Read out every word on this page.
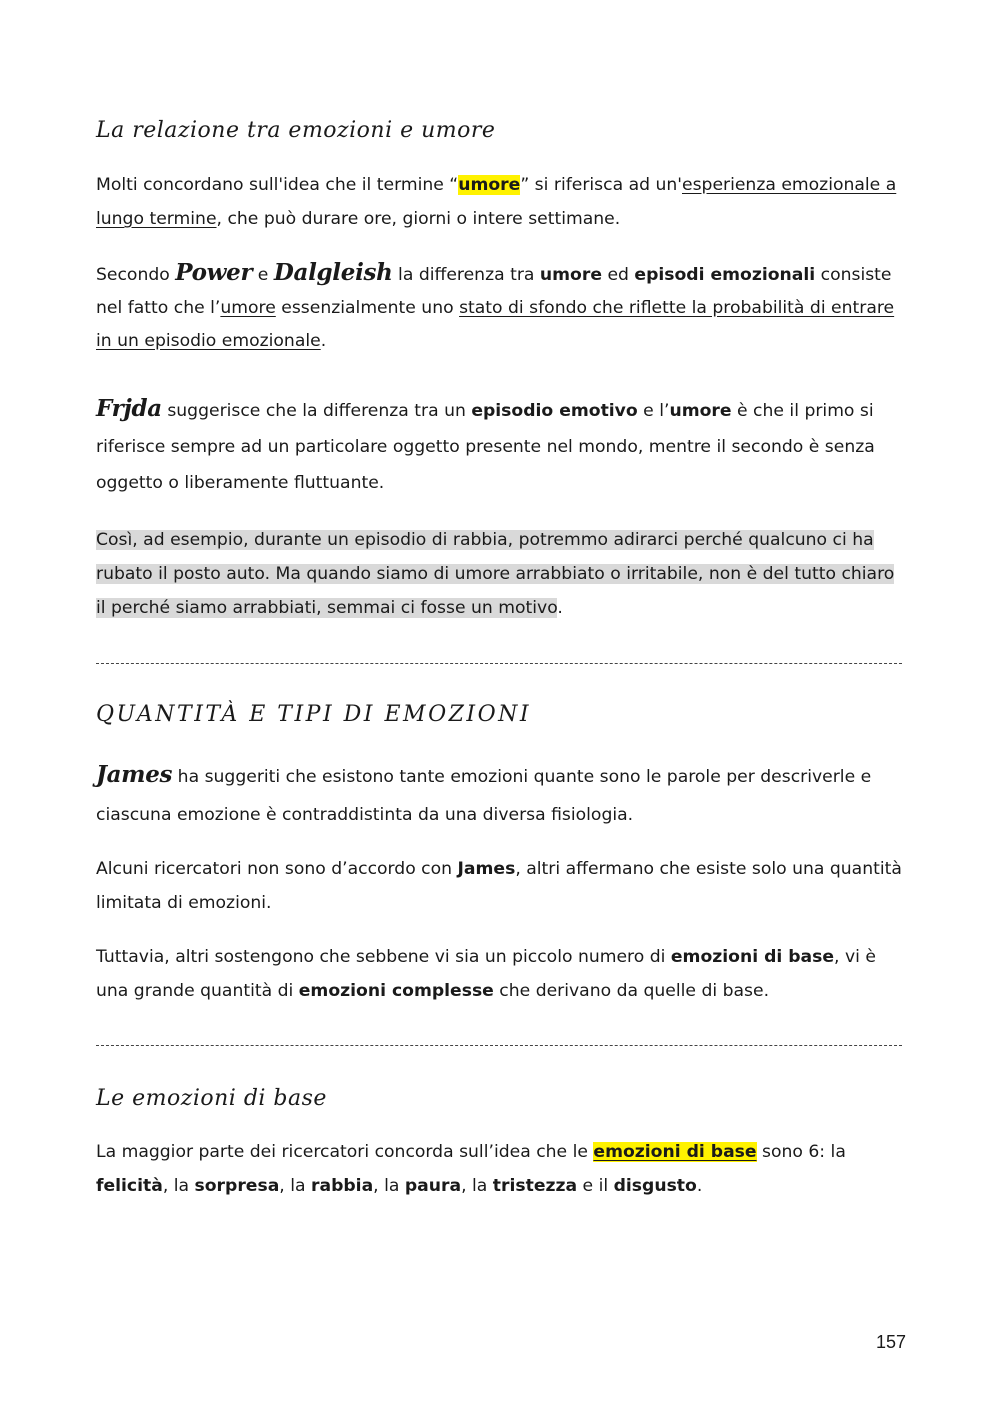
La relazione tra emozioni e umore

Molti concordano sull'idea che il termine “umore” si riferisca ad un'esperienza emozionale a lungo termine, che può durare ore, giorni o intere settimane.

Secondo Power e Dalgleish la differenza tra umore ed episodi emozionali consiste nel fatto che l’umore essenzialmente uno stato di sfondo che riflette la probabilità di entrare in un episodio emozionale.

Frjda suggerisce che la differenza tra un episodio emotivo e l’umore è che il primo si riferisce sempre ad un particolare oggetto presente nel mondo, mentre il secondo è senza oggetto o liberamente fluttuante.

Così, ad esempio, durante un episodio di rabbia, potremmo adirarci perché qualcuno ci ha rubato il posto auto. Ma quando siamo di umore arrabbiato o irritabile, non è del tutto chiaro il perché siamo arrabbiati, semmai ci fosse un motivo.

QUANTITÀ E TIPI DI EMOZIONI

James ha suggeriti che esistono tante emozioni quante sono le parole per descriverle e ciascuna emozione è contraddistinta da una diversa fisiologia.

Alcuni ricercatori non sono d’accordo con James, altri affermano che esiste solo una quantità limitata di emozioni.

Tuttavia, altri sostengono che sebbene vi sia un piccolo numero di emozioni di base, vi è una grande quantità di emozioni complesse che derivano da quelle di base.

Le emozioni di base

La maggior parte dei ricercatori concorda sull’idea che le emozioni di base sono 6: la felicità, la sorpresa, la rabbia, la paura, la tristezza e il disgusto.

157
